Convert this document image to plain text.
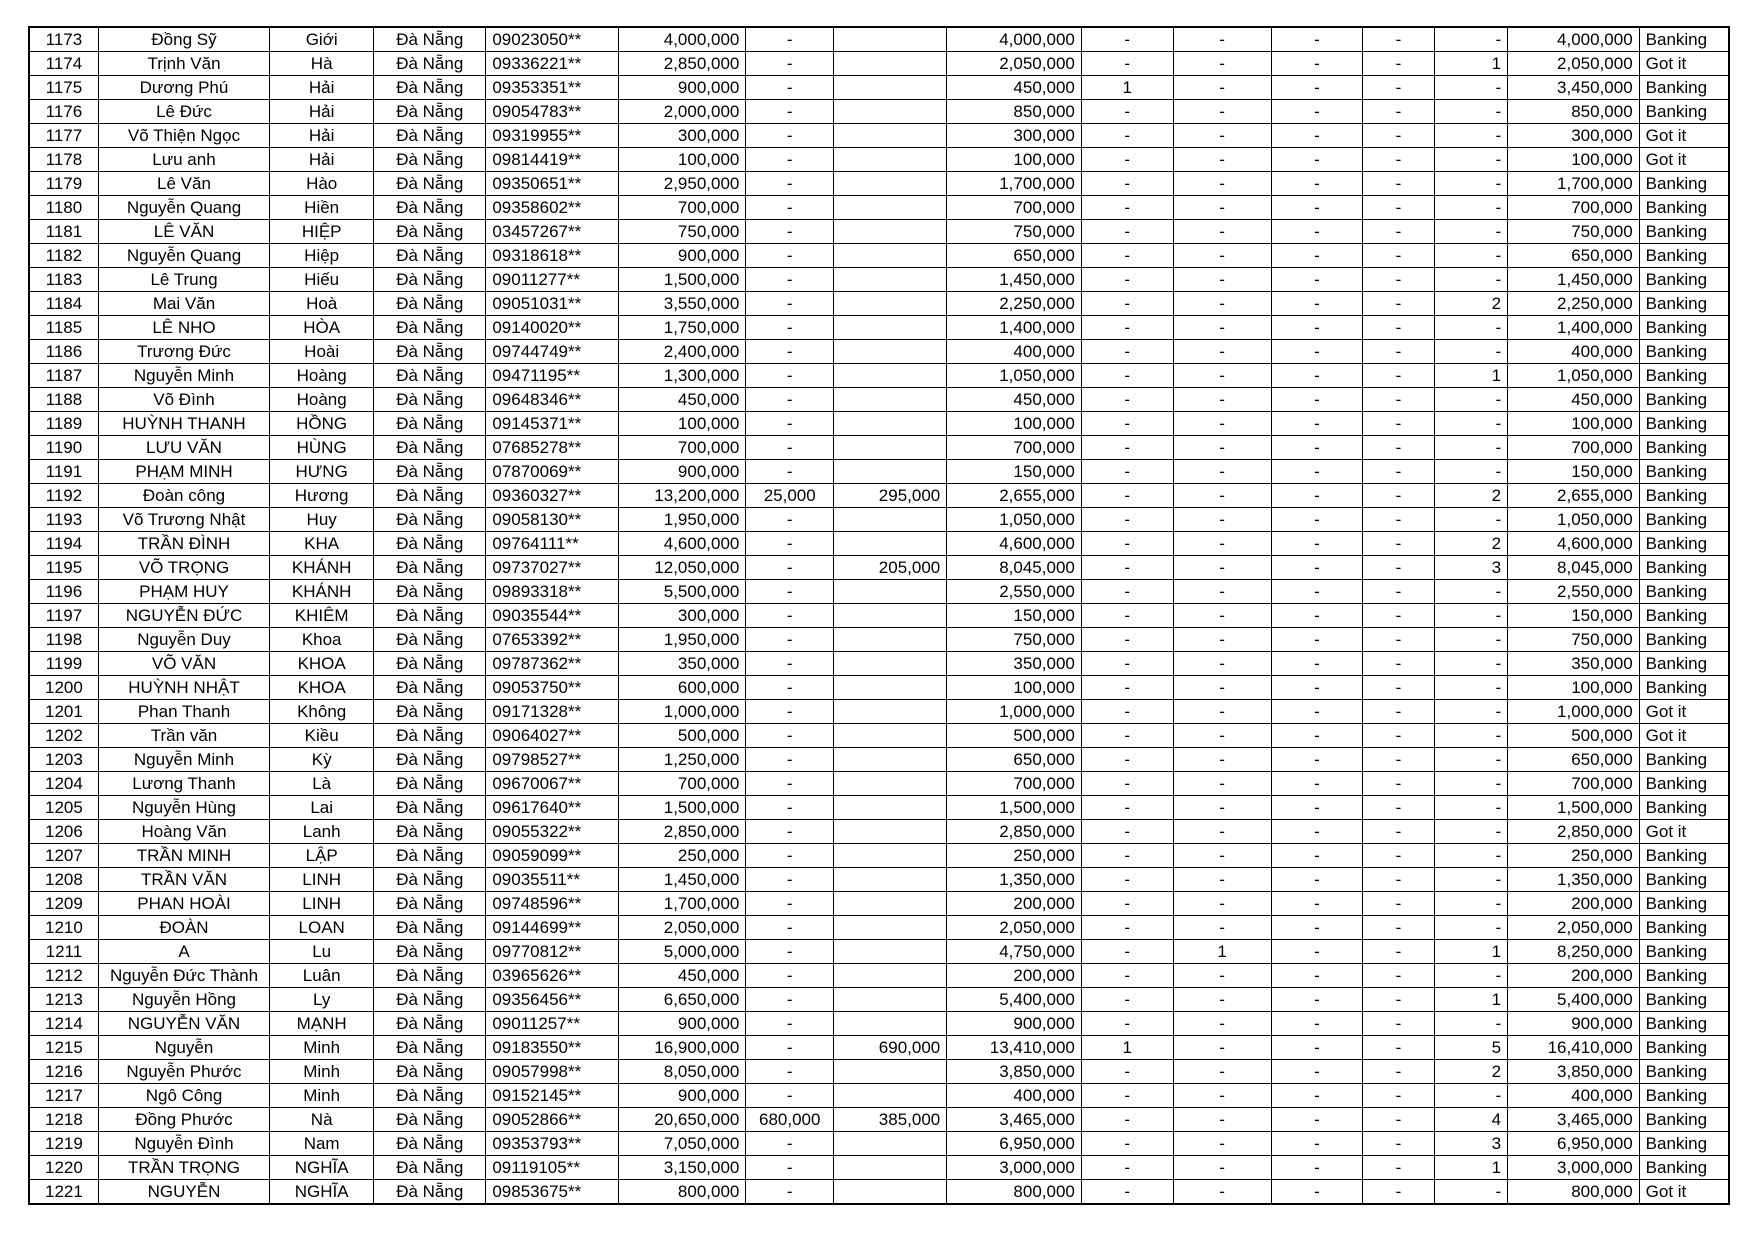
1173	Đồng Sỹ	Giới	Đà Nẵng	09023050**	4,000,000	-		4,000,000	-	-	-	-	-	4,000,000	Banking
1174	Trịnh Văn	Hà	Đà Nẵng	09336221**	2,850,000	-		2,050,000	-	-	-	-	1	2,050,000	Got it
1175	Dương Phú	Hải	Đà Nẵng	09353351**	900,000	-		450,000	1	-	-	-	-	3,450,000	Banking
1176	Lê Đức	Hải	Đà Nẵng	09054783**	2,000,000	-		850,000	-	-	-	-	-	850,000	Banking
1177	Võ Thiện Ngọc	Hải	Đà Nẵng	09319955**	300,000	-		300,000	-	-	-	-	-	300,000	Got it
1178	Lưu anh	Hải	Đà Nẵng	09814419**	100,000	-		100,000	-	-	-	-	-	100,000	Got it
1179	Lê Văn	Hào	Đà Nẵng	09350651**	2,950,000	-		1,700,000	-	-	-	-	-	1,700,000	Banking
1180	Nguyễn Quang	Hiền	Đà Nẵng	09358602**	700,000	-		700,000	-	-	-	-	-	700,000	Banking
1181	LÊ VĂN	HIỆP	Đà Nẵng	03457267**	750,000	-		750,000	-	-	-	-	-	750,000	Banking
1182	Nguyễn Quang	Hiệp	Đà Nẵng	09318618**	900,000	-		650,000	-	-	-	-	-	650,000	Banking
1183	Lê Trung	Hiếu	Đà Nẵng	09011277**	1,500,000	-		1,450,000	-	-	-	-	-	1,450,000	Banking
1184	Mai Văn	Hoà	Đà Nẵng	09051031**	3,550,000	-		2,250,000	-	-	-	-	2	2,250,000	Banking
1185	LÊ NHO	HÒA	Đà Nẵng	09140020**	1,750,000	-		1,400,000	-	-	-	-	-	1,400,000	Banking
1186	Trương Đức	Hoài	Đà Nẵng	09744749**	2,400,000	-		400,000	-	-	-	-	-	400,000	Banking
1187	Nguyễn Minh	Hoàng	Đà Nẵng	09471195**	1,300,000	-		1,050,000	-	-	-	-	1	1,050,000	Banking
1188	Võ Đình	Hoàng	Đà Nẵng	09648346**	450,000	-		450,000	-	-	-	-	-	450,000	Banking
1189	HUỲNH THANH	HỒNG	Đà Nẵng	09145371**	100,000	-		100,000	-	-	-	-	-	100,000	Banking
1190	LƯU VĂN	HÙNG	Đà Nẵng	07685278**	700,000	-		700,000	-	-	-	-	-	700,000	Banking
1191	PHẠM MINH	HƯNG	Đà Nẵng	07870069**	900,000	-		150,000	-	-	-	-	-	150,000	Banking
1192	Đoàn công	Hương	Đà Nẵng	09360327**	13,200,000	25,000	295,000	2,655,000	-	-	-	-	2	2,655,000	Banking
1193	Võ Trương Nhật	Huy	Đà Nẵng	09058130**	1,950,000	-		1,050,000	-	-	-	-	-	1,050,000	Banking
1194	TRẦN ĐÌNH	KHA	Đà Nẵng	09764111**	4,600,000	-		4,600,000	-	-	-	-	2	4,600,000	Banking
1195	VÕ TRỌNG	KHÁNH	Đà Nẵng	09737027**	12,050,000	-	205,000	8,045,000	-	-	-	-	3	8,045,000	Banking
1196	PHẠM HUY	KHÁNH	Đà Nẵng	09893318**	5,500,000	-		2,550,000	-	-	-	-	-	2,550,000	Banking
1197	NGUYỄN ĐỨC	KHIÊM	Đà Nẵng	09035544**	300,000	-		150,000	-	-	-	-	-	150,000	Banking
1198	Nguyễn Duy	Khoa	Đà Nẵng	07653392**	1,950,000	-		750,000	-	-	-	-	-	750,000	Banking
1199	VÕ VĂN	KHOA	Đà Nẵng	09787362**	350,000	-		350,000	-	-	-	-	-	350,000	Banking
1200	HUỲNH NHẬT	KHOA	Đà Nẵng	09053750**	600,000	-		100,000	-	-	-	-	-	100,000	Banking
1201	Phan Thanh	Không	Đà Nẵng	09171328**	1,000,000	-		1,000,000	-	-	-	-	-	1,000,000	Got it
1202	Trần văn	Kiều	Đà Nẵng	09064027**	500,000	-		500,000	-	-	-	-	-	500,000	Got it
1203	Nguyễn Minh	Kỳ	Đà Nẵng	09798527**	1,250,000	-		650,000	-	-	-	-	-	650,000	Banking
1204	Lương Thanh	Là	Đà Nẵng	09670067**	700,000	-		700,000	-	-	-	-	-	700,000	Banking
1205	Nguyễn Hùng	Lai	Đà Nẵng	09617640**	1,500,000	-		1,500,000	-	-	-	-	-	1,500,000	Banking
1206	Hoàng Văn	Lanh	Đà Nẵng	09055322**	2,850,000	-		2,850,000	-	-	-	-	-	2,850,000	Got it
1207	TRẦN MINH	LẬP	Đà Nẵng	09059099**	250,000	-		250,000	-	-	-	-	-	250,000	Banking
1208	TRẦN VĂN	LINH	Đà Nẵng	09035511**	1,450,000	-		1,350,000	-	-	-	-	-	1,350,000	Banking
1209	PHAN HOÀI	LINH	Đà Nẵng	09748596**	1,700,000	-		200,000	-	-	-	-	-	200,000	Banking
1210	ĐOÀN	LOAN	Đà Nẵng	09144699**	2,050,000	-		2,050,000	-	-	-	-	-	2,050,000	Banking
1211	A	Lu	Đà Nẵng	09770812**	5,000,000	-		4,750,000	-	1	-	-	1	8,250,000	Banking
1212	Nguyễn Đức Thành	Luân	Đà Nẵng	03965626**	450,000	-		200,000	-	-	-	-	-	200,000	Banking
1213	Nguyễn Hồng	Ly	Đà Nẵng	09356456**	6,650,000	-		5,400,000	-	-	-	-	1	5,400,000	Banking
1214	NGUYỄN VĂN	MẠNH	Đà Nẵng	09011257**	900,000	-		900,000	-	-	-	-	-	900,000	Banking
1215	Nguyễn	Minh	Đà Nẵng	09183550**	16,900,000	-	690,000	13,410,000	1	-	-	-	5	16,410,000	Banking
1216	Nguyễn Phước	Minh	Đà Nẵng	09057998**	8,050,000	-		3,850,000	-	-	-	-	2	3,850,000	Banking
1217	Ngô Công	Minh	Đà Nẵng	09152145**	900,000	-		400,000	-	-	-	-	-	400,000	Banking
1218	Đồng Phước	Nà	Đà Nẵng	09052866**	20,650,000	680,000	385,000	3,465,000	-	-	-	-	4	3,465,000	Banking
1219	Nguyễn Đình	Nam	Đà Nẵng	09353793**	7,050,000	-		6,950,000	-	-	-	-	3	6,950,000	Banking
1220	TRẦN TRỌNG	NGHĨA	Đà Nẵng	09119105**	3,150,000	-		3,000,000	-	-	-	-	1	3,000,000	Banking
1221	NGUYỄN	NGHĨA	Đà Nẵng	09853675**	800,000	-		800,000	-	-	-	-	-	800,000	Got it
